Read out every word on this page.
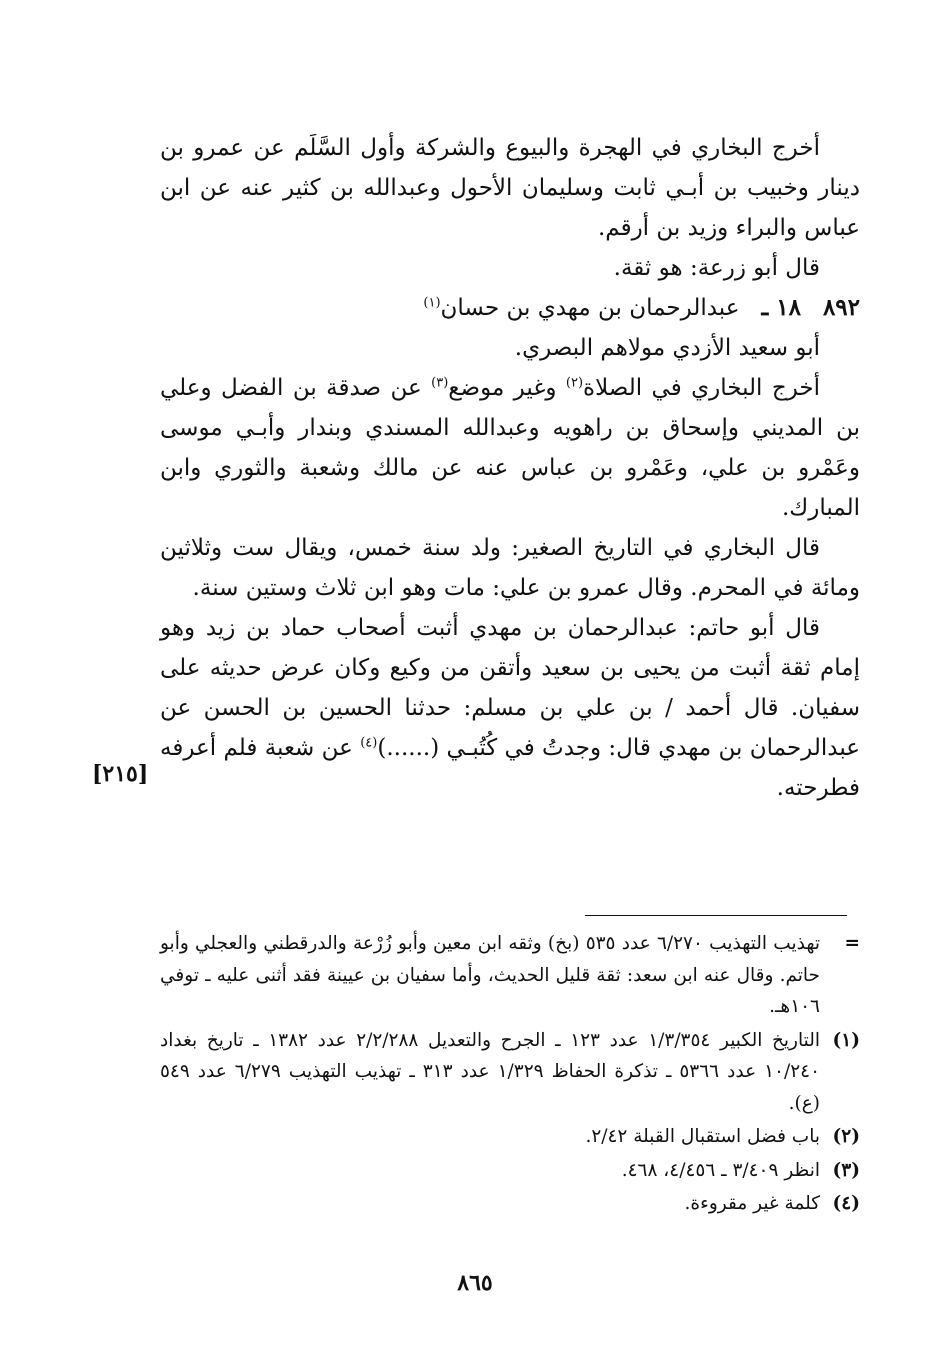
أخرج البخاري في الهجرة والبيوع والشركة وأول السَّلَم عن عمرو بن دينار وخبيب بن أبـي ثابت وسليمان الأحول وعبدالله بن كثير عنه عن ابن عباس والبراء وزيد بن أرقم.

قال أبو زرعة: هو ثقة.

٨٩٢
١٨ ـ
عبدالرحمان بن مهدي بن حسان$^{(١)}$

أبو سعيد الأزدي مولاهم البصري.

أخرج البخاري في الصلاة$^{(٢)}$ وغير موضع$^{(٣)}$ عن صدقة بن الفضل وعلي بن المديني وإسحاق بن راهويه وعبدالله المسندي وبندار وأبـي موسى وعَمْرو بن علي، وعَمْرو بن عباس عنه عن مالك وشعبة والثوري وابن المبارك.

قال البخاري في التاريخ الصغير: ولد سنة خمس، ويقال ست وثلاثين ومائة في المحرم. وقال عمرو بن علي: مات وهو ابن ثلاث وستين سنة.

قال أبو حاتم: عبدالرحمان بن مهدي أثبت أصحاب حماد بن زيد وهو إمام ثقة أثبت من يحيى بن سعيد وأتقن من وكيع وكان عرض حديثه على سفيان. قال أحمد / بن علي بن مسلم: حدثنا الحسين بن الحسن عن عبدالرحمان بن مهدي قال: وجدتُ في كُتُبـي (......)$^{(٤)}$ عن شعبة فلم أعرفه فطرحته.

[٢١٥]
=
تهذيب التهذيب ٦/٢٧٠ عدد ٥٣٥ (بخ) وثقه ابن معين وأبو زُرْعة والدرقطني والعجلي وأبو حاتم. وقال عنه ابن سعد: ثقة قليل الحديث، وأما سفيان بن عيينة فقد أثنى عليه ـ توفي ١٠٦هـ.
(١)
التاريخ الكبير ١/٣/٣٥٤ عدد ١٢٣ ـ الجرح والتعديل ٢/٢/٢٨٨ عدد ١٣٨٢ ـ تاريخ بغداد ١٠/٢٤٠ عدد ٥٣٦٦ ـ تذكرة الحفاظ ١/٣٢٩ عدد ٣١٣ ـ تهذيب التهذيب ٦/٢٧٩ عدد ٥٤٩ (ع).
(٢)
باب فضل استقبال القبلة ٢/٤٢.
(٣)
انظر ٣/٤٠٩ ـ ٤/٤٥٦، ٤٦٨.
(٤)
كلمة غير مقروءة.
٨٦٥
